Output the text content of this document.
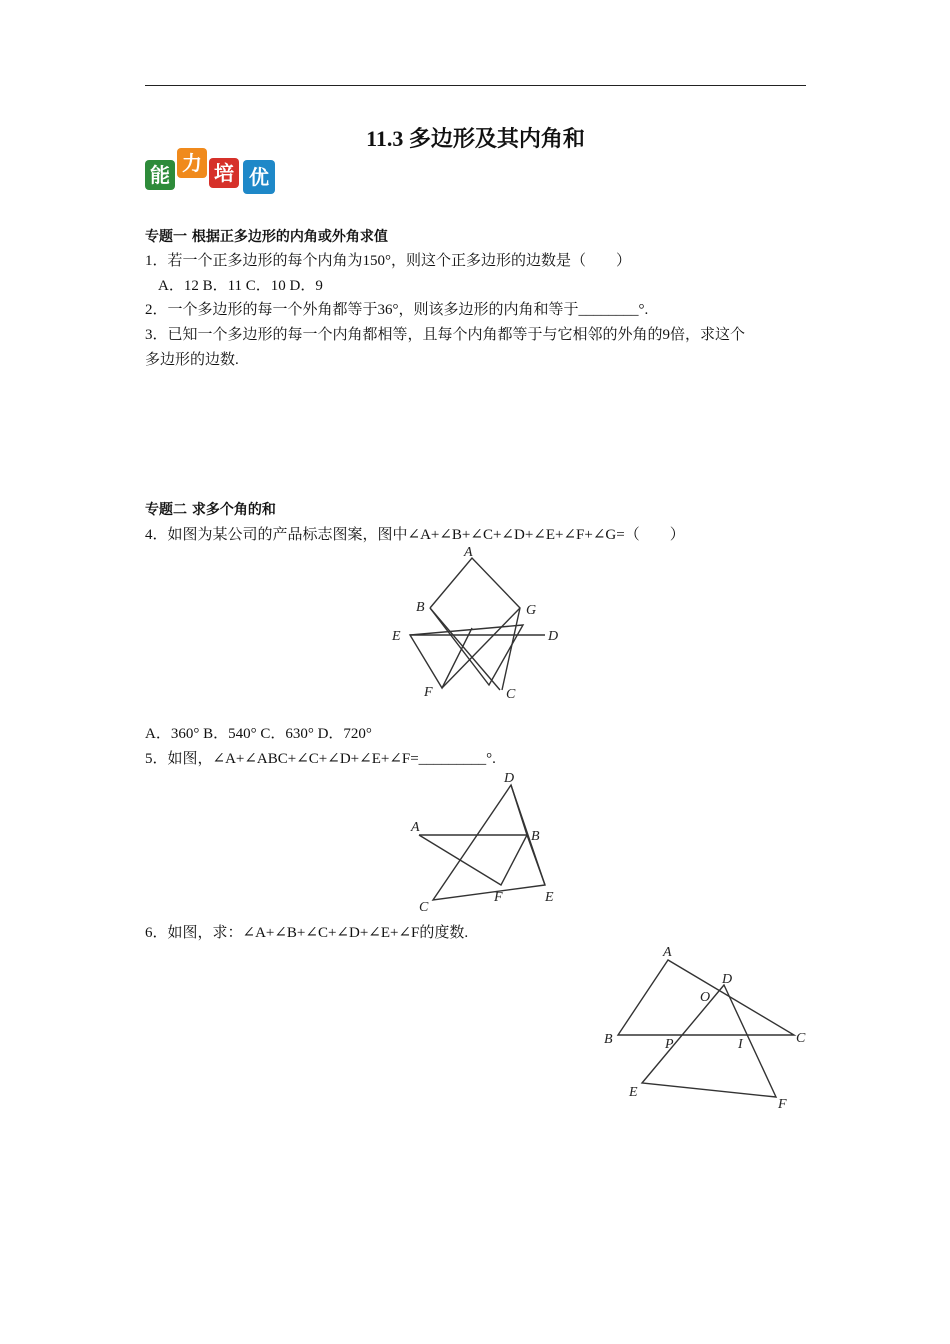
11.3 多边形及其内角和
能 力 培 优
专题一 根据正多边形的内角或外角求值
1．若一个正多边形的每个内角为150°，则这个正多边形的边数是（　　）
A．12 B．11 C．10 D．9
2．一个多边形的每一个外角都等于36°，则该多边形的内角和等于________°.
3．已知一个多边形的每一个内角都相等，且每个内角都等于与它相邻的外角的9倍，求这个
多边形的边数.
专题二 求多个角的和
4．如图为某公司的产品标志图案，图中∠A+∠B+∠C+∠D+∠E+∠F+∠G=（　　）
A
B	G
E	D
F	C
A．360° B．540° C．630° D．720°
5．如图，∠A+∠ABC+∠C+∠D+∠E+∠F=_________°.
D
A
B
C
F	E
6．如图，求：∠A+∠B+∠C+∠D+∠E+∠F的度数.
A
D
O
B	P	I	C
E
F
